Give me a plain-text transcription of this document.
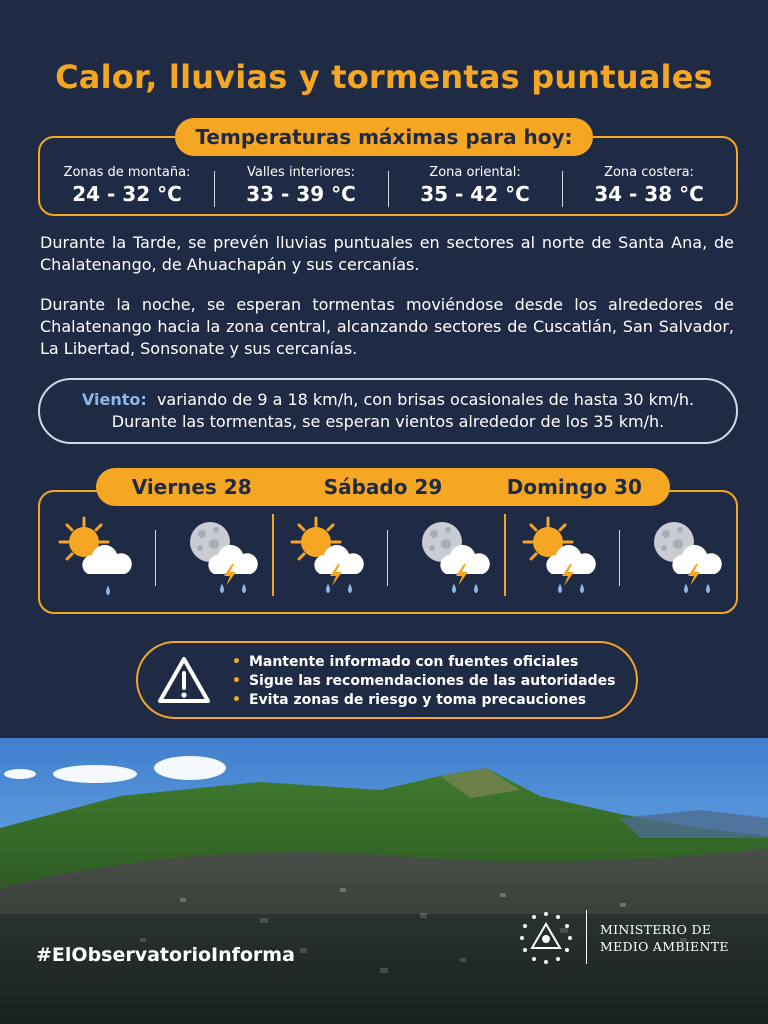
Calor, lluvias y tormentas puntuales
Temperaturas máximas para hoy:
Zonas de montaña:
24 - 32 °C
Valles interiores:
33 - 39 °C
Zona oriental:
35 - 42 °C
Zona costera:
34 - 38 °C

Durante la Tarde, se prevén lluvias puntuales en sectores al norte de Santa Ana, de Chalatenango, de Ahuachapán y sus cercanías.

Durante la noche, se esperan tormentas moviéndose desde los alrededores de Chalatenango hacia la zona central, alcanzando sectores de Cuscatlán, San Salvador, La Libertad, Sonsonate y sus cercanías.

Viento: variando de 9 a 18 km/h, con brisas ocasionales de hasta 30 km/h.
Durante las tormentas, se esperan vientos alrededor de los 35 km/h.
Viernes 28	Sábado 29	Domingo 30
• Mantente informado con fuentes oficiales
• Sigue las recomendaciones de las autoridades
• Evita zonas de riesgo y toma precauciones
#ElObservatorioInforma
MINISTERIO DE
MEDIO AMBIENTE
